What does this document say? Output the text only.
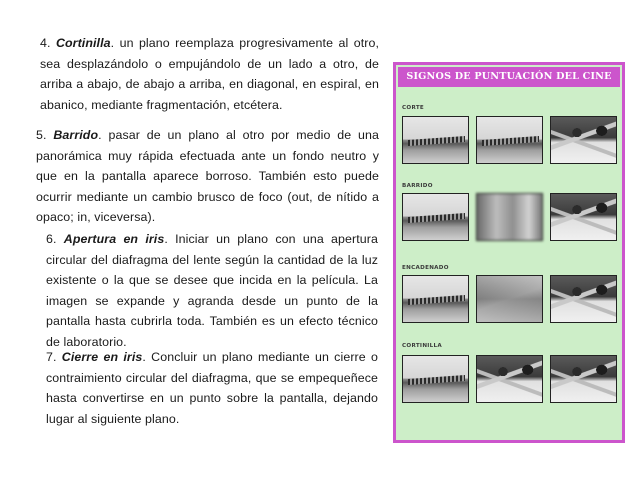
4. Cortinilla. un plano reemplaza progresivamente al otro, sea desplazándolo o empujándolo de un lado a otro, de arriba a abajo, de abajo a arriba, en diagonal, en espiral, en abanico, mediante fragmentación, etcétera.
5. Barrido. pasar de un plano al otro por medio de una panorámica muy rápida efectuada ante un fondo neutro y que en la pantalla aparece borroso. También esto puede ocurrir mediante un cambio brusco de foco (out, de nítido a opaco; in, viceversa).
6. Apertura en iris. Iniciar un plano con una apertura circular del diafragma del lente según la cantidad de la luz existente o la que se desee que incida en la película. La imagen se expande y agranda desde un punto de la pantalla hasta cubrirla toda. También es un efecto técnico de laboratorio.
7. Cierre en iris. Concluir un plano mediante un cierre o contraimiento circular del diafragma, que se empequeñece hasta convertirse en un punto sobre la pantalla, dejando lugar al siguiente plano.
SIGNOS DE PUNTUACIÓN DEL CINE
CORTE
BARRIDO
ENCADENADO
CORTINILLA
